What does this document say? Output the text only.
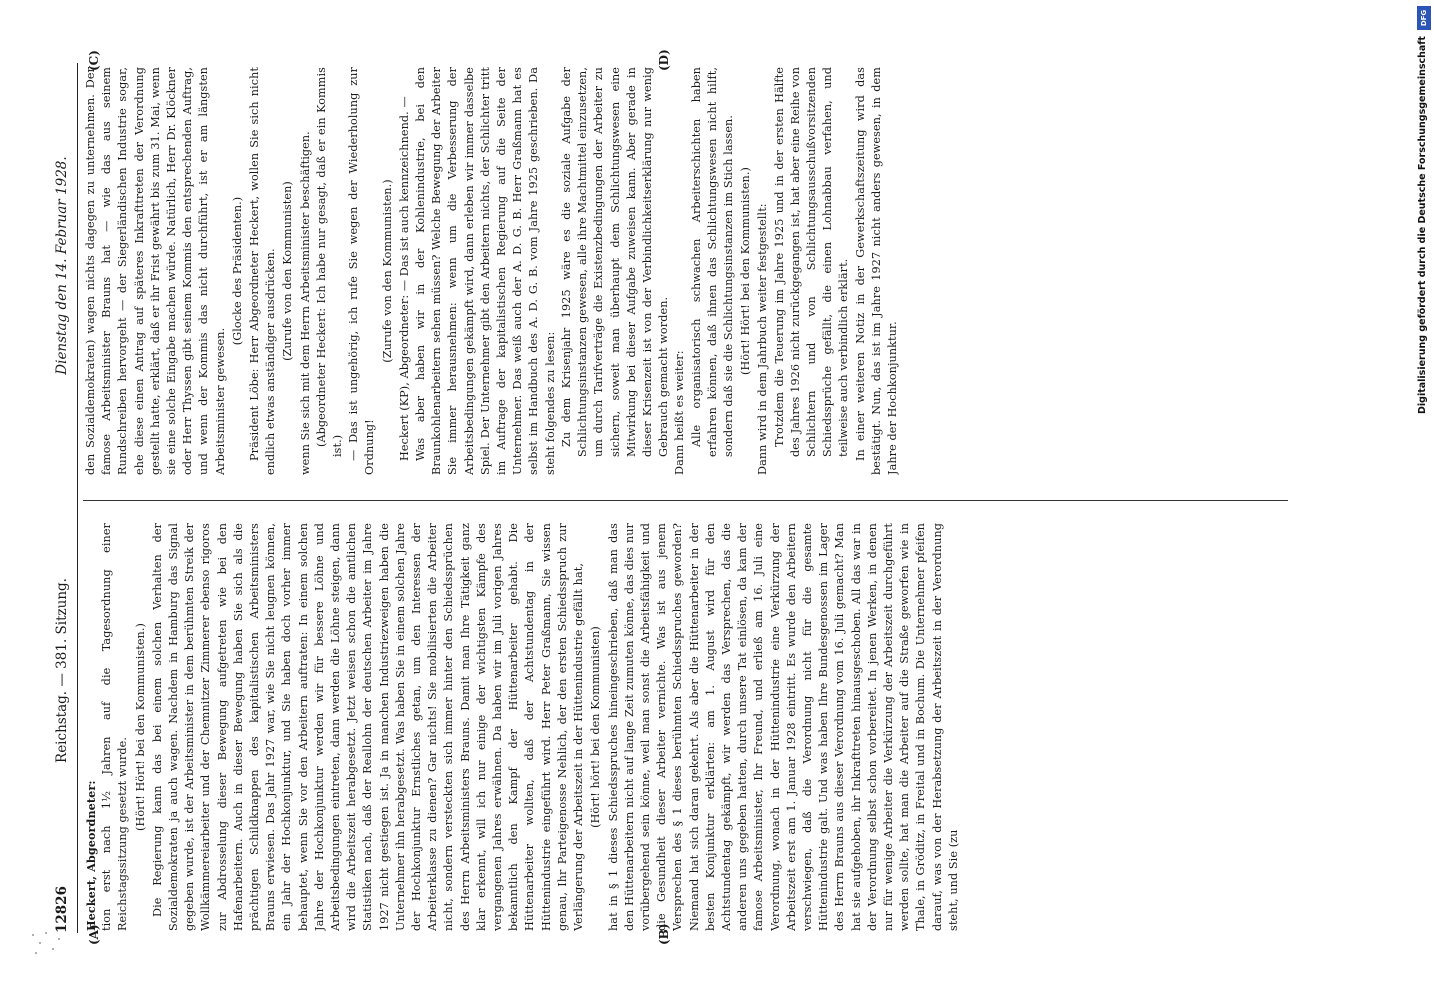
12826
Reichstag. — 381. Sitzung.
Dienstag den 14. Februar 1928.
(A)	(B)
(C)	(D)

Heckert, Abgeordneter: tion erst nach 1½ Jahren auf die Tagesordnung einer Reichstagssitzung gesetzt wurde.

(Hört! Hört! bei den Kommunisten.) Die Regierung kann das bei einem solchen Verhalten der Sozialdemokraten ja auch wagen. Nachdem in Hamburg das Signal gegeben wurde, ist der Arbeitsminister in dem berühmten Streik der Wollkämmereiarbeiter und der Chemnitzer Zimmerer ebenso rigoros zur Abdrosselung dieser Bewegung aufgetreten wie bei den Hafenarbeitern. Auch in dieser Bewegung haben Sie sich als die prächtigen Schildknappen des kapitalistischen Arbeitsministers Brauns erwiesen. Das Jahr 1927 war, wie Sie nicht leugnen können, ein Jahr der Hochkonjunktur, und Sie haben doch vorher immer behauptet, wenn Sie vor den Arbeitern auftraten: In einem solchen Jahre der Hochkonjunktur werden wir für bessere Löhne und Arbeitsbedingungen eintreten, dann werden die Löhne steigen, dann wird die Arbeitszeit herabgesetzt. Jetzt weisen schon die amtlichen Statistiken nach, daß der Reallohn der deutschen Arbeiter im Jahre 1927 nicht gestiegen ist. Ja in manchen Industriezweigen haben die Unternehmer ihn herabgesetzt. Was haben Sie in einem solchen Jahre der Hochkonjunktur Ernstliches getan, um den Interessen der Arbeiterklasse zu dienen? Gar nichts! Sie mobilisierten die Arbeiter nicht, sondern versteckten sich immer hinter den Schiedssprüchen des Herrn Arbeitsministers Brauns. Damit man Ihre Tätigkeit ganz klar erkennt, will ich nur einige der wichtigsten Kämpfe des vergangenen Jahres erwähnen. Da haben wir im Juli vorigen Jahres bekanntlich den Kampf der Hüttenarbeiter gehabt. Die Hüttenarbeiter wollten, daß der Achtstundentag in der Hüttenindustrie eingeführt wird. Herr Peter Graßmann, Sie wissen genau, Ihr Parteigenosse Nehlich, der den ersten Schiedsspruch zur Verlängerung der Arbeitszeit in der Hüttenindustrie gefällt hat, (Hört! hört! bei den Kommunisten) hat in § 1 dieses Schiedsspruches hineingeschrieben, daß man das den Hüttenarbeitern nicht auf lange Zeit zumuten könne, das dies nur vorübergehend sein könne, weil man sonst die Arbeitsfähigkeit und die Gesundheit dieser Arbeiter vernichte. Was ist aus jenem Versprechen des § 1 dieses berühmten Schiedsspruches geworden? Niemand hat sich daran gekehrt. Als aber die Hüttenarbeiter in der besten Konjunktur erklärten: am 1. August wird für den Achtstundentag gekämpft, wir werden das Versprechen, das die anderen uns gegeben hatten, durch unsere Tat einlösen, da kam der famose Arbeitsminister, Ihr Freund, und erließ am 16. Juli eine Verordnung, wonach in der Hüttenindustrie eine Verkürzung der Arbeitszeit erst am 1. Januar 1928 eintritt. Es wurde den Arbeitern verschwiegen, daß die Verordnung nicht für die gesamte Hüttenindustrie galt. Und was haben Ihre Bundesgenossen im Lager des Herrn Brauns aus dieser Verordnung vom 16. Juli gemacht? Man hat sie aufgehoben, ihr Inkrafttreten hinausgeschoben. All das war in der Verordnung selbst schon vorbereitet. In jenen Werken, in denen nur für wenige Arbeiter die Verkürzung der Arbeitszeit durchgeführt werden sollte, hat man die Arbeiter auf die Straße geworfen wie in Thale, in Gröditz, in Freital und in Bochum. Die Unternehmer pfeifen darauf, was von der Herabsetzung der Arbeitszeit in der Verordnung steht, und Sie (zu

den Sozialdemokraten) wagen nichts dagegen zu unternehmen. Der famose Arbeitsminister Brauns hat — wie das aus seinem Rundschreiben hervorgeht — der Siegerländischen Industrie sogar, ehe diese einen Antrag auf späteres Inkrafttreten der Verordnung gestellt hatte, erklärt, daß er ihr Frist gewährt bis zum 31. Mai, wenn sie eine solche Eingabe machen würde. Natürlich, Herr Dr. Klöckner oder Herr Thyssen gibt seinem Kommis den entsprechenden Auftrag, und wenn der Kommis das nicht durchführt, ist er am längsten Arbeitsminister gewesen.

(Glocke des Präsidenten.) Präsident Löbe: Herr Abgeordneter Heckert, wollen Sie sich nicht endlich etwas anständiger ausdrücken. (Zurufe von den Kommunisten) wenn Sie sich mit dem Herrn Arbeitsminister beschäftigen. (Abgeordneter Heckert: Ich habe nur gesagt, daß er ein Kommis ist.) — Das ist ungehörig, ich rufe Sie wegen der Wiederholung zur Ordnung!

(Zurufe von den Kommunisten.) Heckert (KP), Abgeordneter: — Das ist auch kennzeichnend. — Was aber haben wir in der Kohlenindustrie, bei den Braunkohlenarbeitern sehen müssen? Welche Bewegung der Arbeiter Sie immer herausnehmen: wenn um die Verbesserung der Arbeitsbedingungen gekämpft wird, dann erleben wir immer dasselbe Spiel. Der Unternehmer gibt den Arbeitern nichts, der Schlichter tritt im Auftrage der kapitalistischen Regierung auf die Seite der Unternehmer. Das weiß auch der A. D. G. B. Herr Graßmann hat es selbst im Handbuch des A. D. G. B. vom Jahre 1925 geschrieben. Da steht folgendes zu lesen: Zu dem Krisenjahr 1925 wäre es die soziale Aufgabe der Schlichtungsinstanzen gewesen, alle ihre Machtmittel einzusetzen, um durch Tarifverträge die Existenzbedingungen der Arbeiter zu sichern, soweit man überhaupt dem Schlichtungswesen eine Mitwirkung bei dieser Aufgabe zuweisen kann. Aber gerade in dieser Krisenzeit ist von der Verbindlichkeitserklärung nur wenig Gebrauch gemacht worden. Dann heißt es weiter: Alle organisatorisch schwachen Arbeiterschichten haben erfahren können, daß ihnen das Schlichtungswesen nicht hilft, sondern daß sie die Schlichtungsinstanzen im Stich lassen. (Hört! Hört! bei den Kommunisten.) Dann wird in dem Jahrbuch weiter festgestellt: Trotzdem die Teuerung im Jahre 1925 und in der ersten Hälfte des Jahres 1926 nicht zurückgegangen ist, hat aber eine Reihe von Schlichtern und von Schlichtungsausschußvorsitzenden Schiedssprüche gefällt, die einen Lohnabbau verfahen, und teilweise auch verbindlich erklärt. In einer weiteren Notiz in der Gewerkschaftszeitung wird das bestätigt. Nun, das ist im Jahre 1927 nicht anders gewesen, in dem Jahre der Hochkonjunktur.

DFG
Digitalisierung gefördert durch die Deutsche Forschungsgemeinschaft
